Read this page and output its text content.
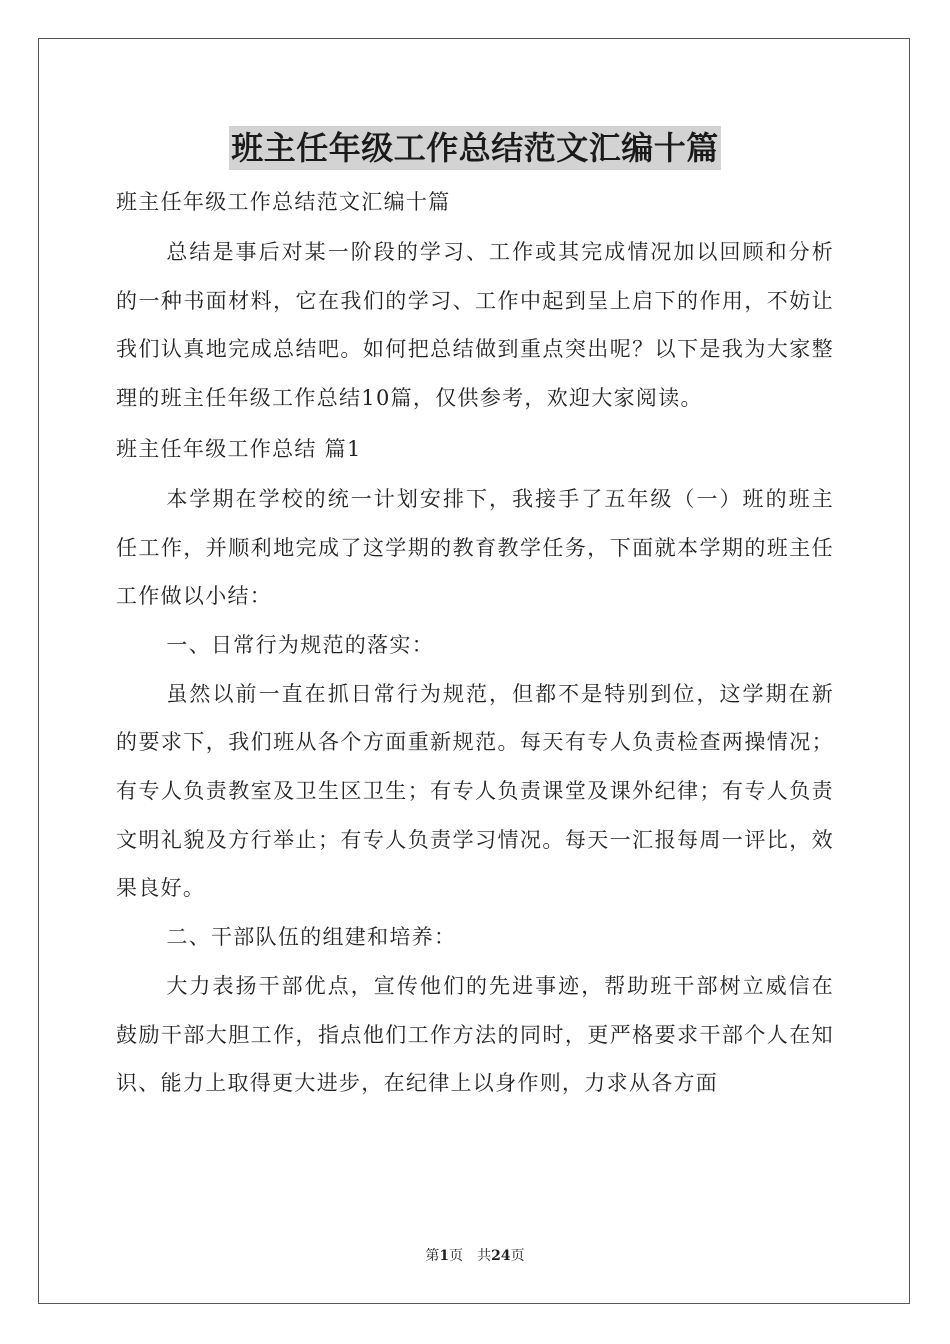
班主任年级工作总结范文汇编十篇

班主任年级工作总结范文汇编十篇

总结是事后对某一阶段的学习、工作或其完成情况加以回顾和分析的一种书面材料，它在我们的学习、工作中起到呈上启下的作用，不妨让我们认真地完成总结吧。如何把总结做到重点突出呢？以下是我为大家整理的班主任年级工作总结10篇，仅供参考，欢迎大家阅读。

班主任年级工作总结 篇1

本学期在学校的统一计划安排下，我接手了五年级（一）班的班主任工作，并顺利地完成了这学期的教育教学任务，下面就本学期的班主任工作做以小结：

一、日常行为规范的落实：

虽然以前一直在抓日常行为规范，但都不是特别到位，这学期在新的要求下，我们班从各个方面重新规范。每天有专人负责检查两操情况；有专人负责教室及卫生区卫生；有专人负责课堂及课外纪律；有专人负责文明礼貌及方行举止；有专人负责学习情况。每天一汇报每周一评比，效果良好。

二、干部队伍的组建和培养：

大力表扬干部优点，宣传他们的先进事迹，帮助班干部树立威信在鼓励干部大胆工作，指点他们工作方法的同时，更严格要求干部个人在知识、能力上取得更大进步，在纪律上以身作则，力求从各方面

第1页 共24页
